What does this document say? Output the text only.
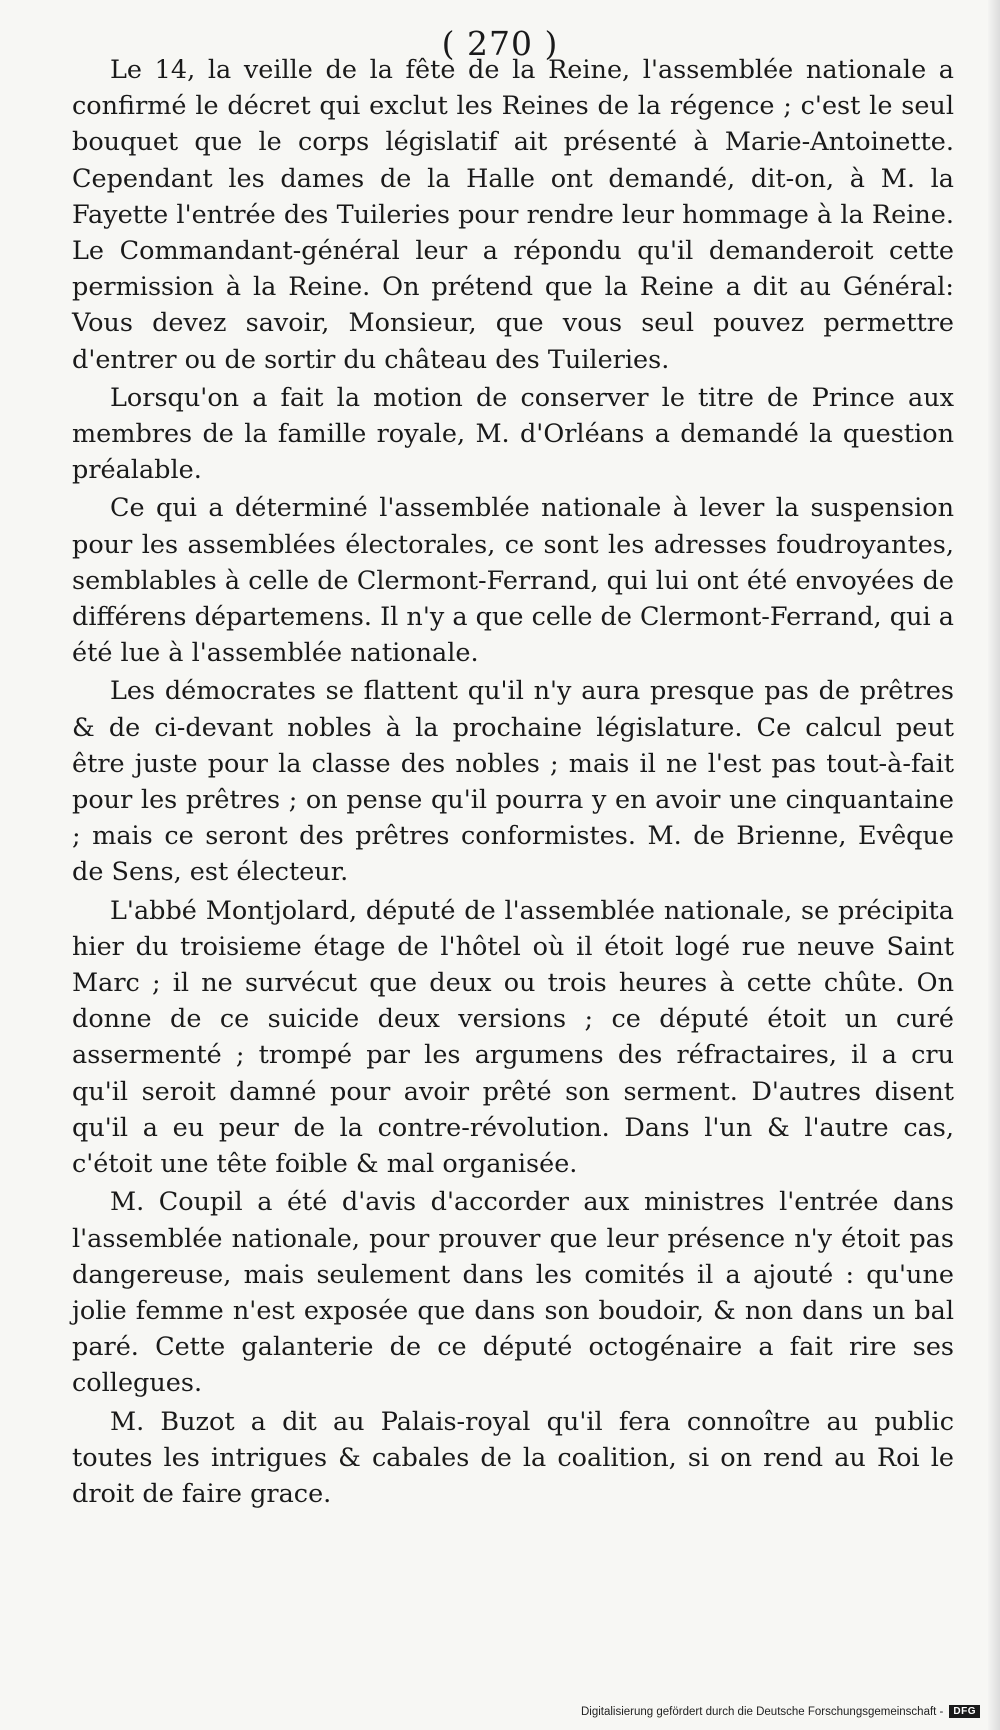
( 270 )

Le 14, la veille de la fête de la Reine, l'assemblée nationale a confirmé le décret qui exclut les Reines de la régence ; c'est le seul bouquet que le corps législatif ait présenté à Marie-Antoinette. Cependant les dames de la Halle ont demandé, dit-on, à M. la Fayette l'entrée des Tuileries pour rendre leur hommage à la Reine. Le Commandant-général leur a répondu qu'il demanderoit cette permission à la Reine. On prétend que la Reine a dit au Général: Vous devez savoir, Monsieur, que vous seul pouvez permettre d'entrer ou de sortir du château des Tuileries.

Lorsqu'on a fait la motion de conserver le titre de Prince aux membres de la famille royale, M. d'Orléans a demandé la question préalable.

Ce qui a déterminé l'assemblée nationale à lever la suspension pour les assemblées électorales, ce sont les adresses foudroyantes, semblables à celle de Clermont-Ferrand, qui lui ont été envoyées de différens départemens. Il n'y a que celle de Clermont-Ferrand, qui a été lue à l'assemblée nationale.

Les démocrates se flattent qu'il n'y aura presque pas de prêtres & de ci-devant nobles à la prochaine législature. Ce calcul peut être juste pour la classe des nobles ; mais il ne l'est pas tout-à-fait pour les prêtres ; on pense qu'il pourra y en avoir une cinquantaine ; mais ce seront des prêtres conformistes. M. de Brienne, Evêque de Sens, est électeur.

L'abbé Montjolard, député de l'assemblée nationale, se précipita hier du troisieme étage de l'hôtel où il étoit logé rue neuve Saint Marc ; il ne survécut que deux ou trois heures à cette chûte. On donne de ce suicide deux versions ; ce député étoit un curé assermenté ; trompé par les argumens des réfractaires, il a cru qu'il seroit damné pour avoir prêté son serment. D'autres disent qu'il a eu peur de la contre-révolution. Dans l'un & l'autre cas, c'étoit une tête foible & mal organisée.

M. Coupil a été d'avis d'accorder aux ministres l'entrée dans l'assemblée nationale, pour prouver que leur présence n'y étoit pas dangereuse, mais seulement dans les comités il a ajouté : qu'une jolie femme n'est exposée que dans son boudoir, & non dans un bal paré. Cette galanterie de ce député octogénaire a fait rire ses collegues.

M. Buzot a dit au Palais-royal qu'il fera connoître au public toutes les intrigues & cabales de la coalition, si on rend au Roi le droit de faire grace.

Digitalisierung gefördert durch die Deutsche Forschungsgemeinschaft -	DFG
